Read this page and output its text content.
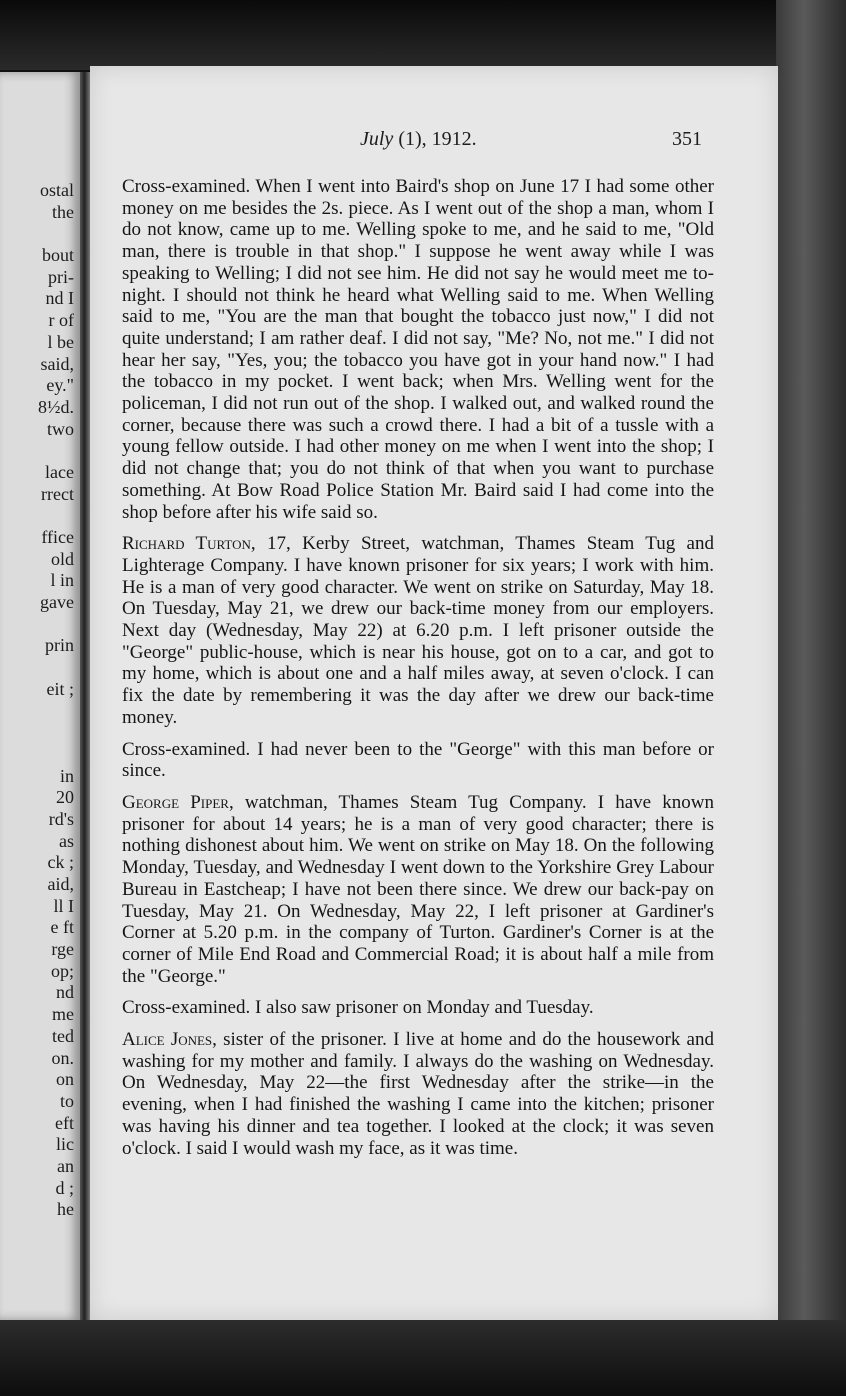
ostal
the
bout
pri-
nd I
r of
l be
said,
ey."
8½d.
two
lace
rrect
ffice
old
l in
gave
prin
eit ;
in
20
rd's
as
ck ;
aid,
ll I
e ft
rge
op;
nd
me
ted
on.
on
to
eft
lic
an
d ;
he
July (1), 1912.	351

Cross-examined. When I went into Baird's shop on June 17 I had some other money on me besides the 2s. piece. As I went out of the shop a man, whom I do not know, came up to me. Welling spoke to me, and he said to me, "Old man, there is trouble in that shop." I suppose he went away while I was speaking to Welling; I did not see him. He did not say he would meet me to-night. I should not think he heard what Welling said to me. When Welling said to me, "You are the man that bought the tobacco just now," I did not quite understand; I am rather deaf. I did not say, "Me? No, not me." I did not hear her say, "Yes, you; the tobacco you have got in your hand now." I had the tobacco in my pocket. I went back; when Mrs. Welling went for the policeman, I did not run out of the shop. I walked out, and walked round the corner, because there was such a crowd there. I had a bit of a tussle with a young fellow outside. I had other money on me when I went into the shop; I did not change that; you do not think of that when you want to purchase something. At Bow Road Police Station Mr. Baird said I had come into the shop before after his wife said so.

Richard Turton, 17, Kerby Street, watchman, Thames Steam Tug and Lighterage Company. I have known prisoner for six years; I work with him. He is a man of very good character. We went on strike on Saturday, May 18. On Tuesday, May 21, we drew our back-time money from our employers. Next day (Wednesday, May 22) at 6.20 p.m. I left prisoner outside the "George" public-house, which is near his house, got on to a car, and got to my home, which is about one and a half miles away, at seven o'clock. I can fix the date by remembering it was the day after we drew our back-time money.

Cross-examined. I had never been to the "George" with this man before or since.

George Piper, watchman, Thames Steam Tug Company. I have known prisoner for about 14 years; he is a man of very good character; there is nothing dishonest about him. We went on strike on May 18. On the following Monday, Tuesday, and Wednesday I went down to the Yorkshire Grey Labour Bureau in Eastcheap; I have not been there since. We drew our back-pay on Tuesday, May 21. On Wednesday, May 22, I left prisoner at Gardiner's Corner at 5.20 p.m. in the company of Turton. Gardiner's Corner is at the corner of Mile End Road and Commercial Road; it is about half a mile from the "George."

Cross-examined. I also saw prisoner on Monday and Tuesday.

Alice Jones, sister of the prisoner. I live at home and do the housework and washing for my mother and family. I always do the washing on Wednesday. On Wednesday, May 22—the first Wednesday after the strike—in the evening, when I had finished the washing I came into the kitchen; prisoner was having his dinner and tea together. I looked at the clock; it was seven o'clock. I said I would wash my face, as it was time.
